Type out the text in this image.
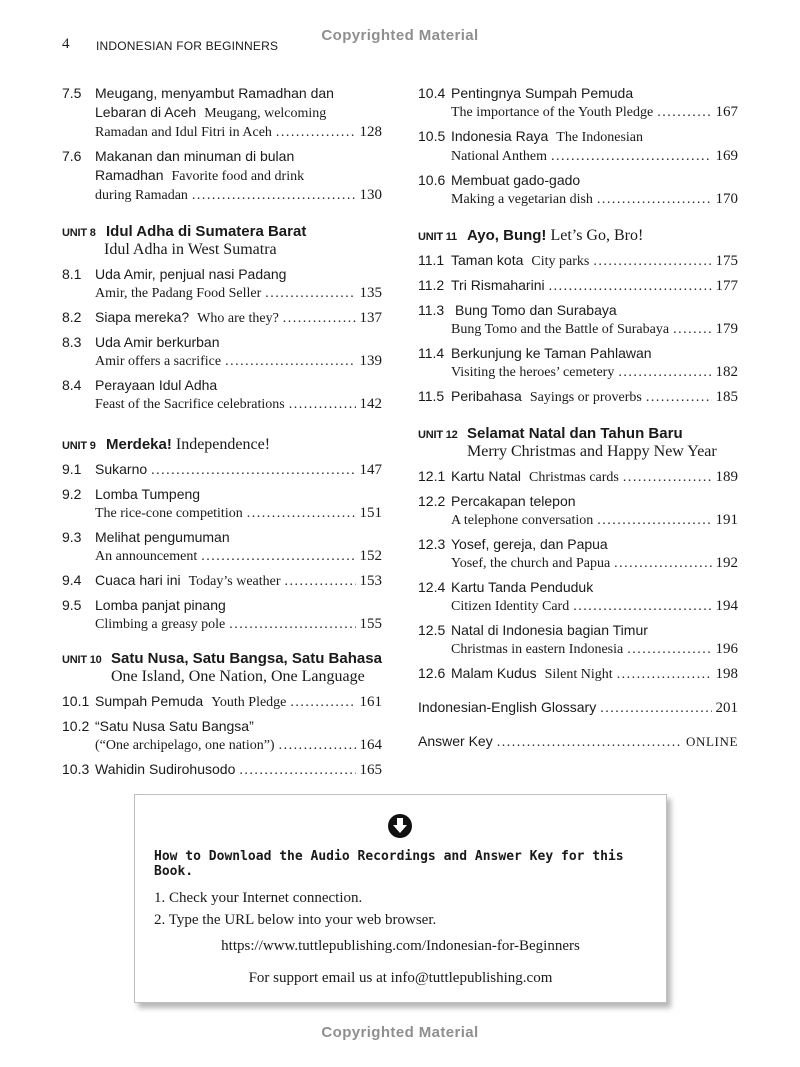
Copyrighted Material
4 INDONESIAN FOR BEGINNERS
7.5 Meugang, menyambut Ramadhan dan
Lebaran di Aceh Meugang, welcoming
Ramadan and Idul Fitri in Aceh .....	128
7.6 Makanan dan minuman di bulan
Ramadhan Favorite food and drink
during Ramadan .....	130
UNIT 8 Idul Adha di Sumatera Barat
Idul Adha in West Sumatra
8.1 Uda Amir, penjual nasi Padang
Amir, the Padang Food Seller .....	135
8.2 Siapa mereka? Who are they? .....	137
8.3 Uda Amir berkurban
Amir offers a sacrifice .....	139
8.4 Perayaan Idul Adha
Feast of the Sacrifice celebrations .....	142
UNIT 9 Merdeka!
Independence!
9.1 Sukarno .....	147
9.2 Lomba Tumpeng
The rice-cone competition .....	151
9.3 Melihat pengumuman
An announcement .....	152
9.4 Cuaca hari ini Today’s weather .....	153
9.5 Lomba panjat pinang
Climbing a greasy pole .....	155
UNIT 10 Satu Nusa, Satu Bangsa, Satu Bahasa
One Island, One Nation, One Language
10.1 Sumpah Pemuda Youth Pledge .....	161
10.2 “Satu Nusa Satu Bangsa”
(“One archipelago, one nation”) .....	164
10.3 Wahidin Sudirohusodo .....	165
10.4 Pentingnya Sumpah Pemuda
The importance of the Youth Pledge .....	167
10.5 Indonesia Raya
The Indonesian
National Anthem .....	169
10.6 Membuat gado-gado
Making a vegetarian dish .....	170
UNIT 11 Ayo, Bung!
Let’s Go, Bro!
11.1 Taman kota City parks .....	175
11.2 Tri Rismaharini .....	177
11.3
Bung Tomo dan Surabaya
Bung Tomo and the Battle of Surabaya .....	179
11.4 Berkunjung ke Taman Pahlawan
Visiting the heroes’ cemetery .....	182
11.5 Peribahasa Sayings or proverbs .....	185
UNIT 12 Selamat Natal dan Tahun Baru
Merry Christmas and Happy New Year
12.1 Kartu Natal Christmas cards .....	189
12.2 Percakapan telepon
A telephone conversation .....	191
12.3 Yosef, gereja, dan Papua
Yosef, the church and Papua .....	192
12.4 Kartu Tanda Penduduk
Citizen Identity Card .....	194
12.5 Natal di Indonesia bagian Timur
Christmas in eastern Indonesia .....	196
12.6 Malam Kudus Silent Night .....	198
Indonesian-English Glossary .....	201
Answer Key .....	ONLINE
How to Download the Audio Recordings and Answer Key for this Book.
1. Check your Internet connection.
2. Type the URL below into your web browser.
https://www.tuttlepublishing.com/Indonesian-for-Beginners
For support email us at info@tuttlepublishing.com
Copyrighted Material
